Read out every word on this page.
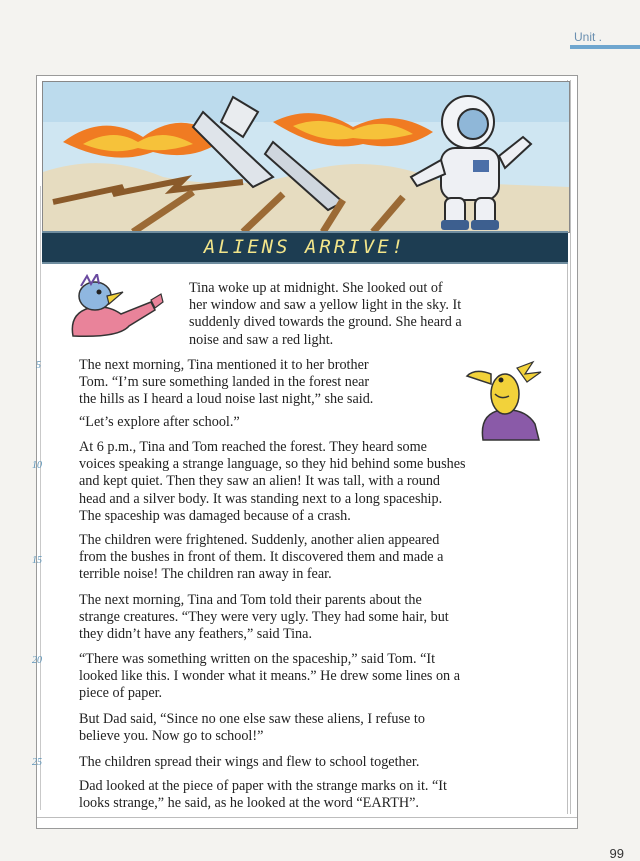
Unit .
ALIENS ARRIVE!

Tina woke up at midnight. She looked out of
her window and saw a yellow light in the sky. It
suddenly dived towards the ground. She heard a
noise and saw a red light.

The next morning, Tina mentioned it to her brother
Tom. “I’m sure something landed in the forest near
the hills as I heard a loud noise last night,” she said.
“Let’s explore after school.”

At 6 p.m., Tina and Tom reached the forest. They heard some
voices speaking a strange language, so they hid behind some bushes
and kept quiet. Then they saw an alien! It was tall, with a round
head and a silver body. It was standing next to a long spaceship.
The spaceship was damaged because of a crash.

The children were frightened. Suddenly, another alien appeared
from the bushes in front of them. It discovered them and made a
terrible noise! The children ran away in fear.

The next morning, Tina and Tom told their parents about the
strange creatures. “They were very ugly. They had some hair, but
they didn’t have any feathers,” said Tina.

“There was something written on the spaceship,” said Tom. “It
looked like this. I wonder what it means.” He drew some lines on a
piece of paper.

But Dad said, “Since no one else saw these aliens, I refuse to
believe you. Now go to school!”

The children spread their wings and flew to school together.

Dad looked at the piece of paper with the strange marks on it. “It
looks strange,” he said, as he looked at the word “EARTH”.

5
10
15
20
25
99
